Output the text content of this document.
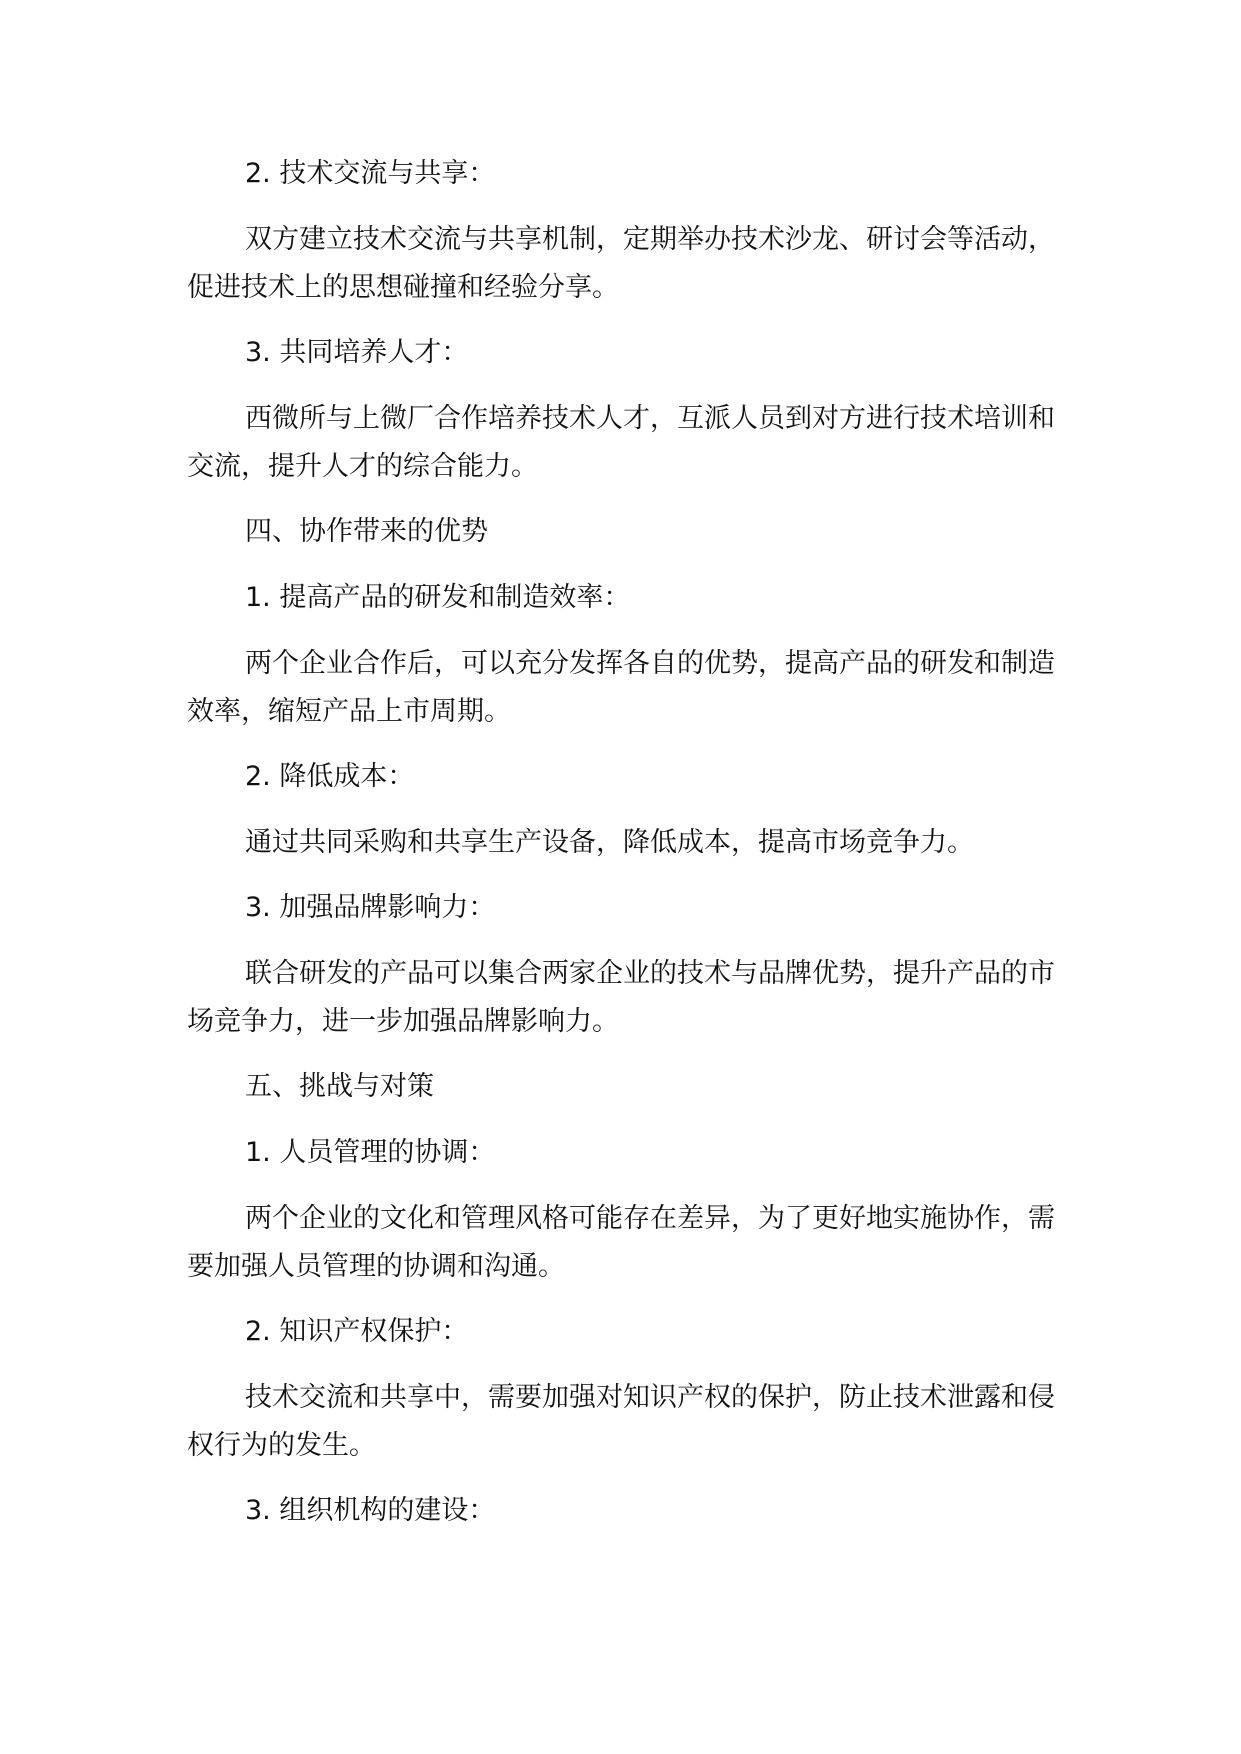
2. 技术交流与共享：

双方建立技术交流与共享机制，定期举办技术沙龙、研讨会等活动，促进技术上的思想碰撞和经验分享。

3. 共同培养人才：

西微所与上微厂合作培养技术人才，互派人员到对方进行技术培训和交流，提升人才的综合能力。

四、协作带来的优势

1. 提高产品的研发和制造效率：

两个企业合作后，可以充分发挥各自的优势，提高产品的研发和制造效率，缩短产品上市周期。

2. 降低成本：

通过共同采购和共享生产设备，降低成本，提高市场竞争力。

3. 加强品牌影响力：

联合研发的产品可以集合两家企业的技术与品牌优势，提升产品的市场竞争力，进一步加强品牌影响力。

五、挑战与对策

1. 人员管理的协调：

两个企业的文化和管理风格可能存在差异，为了更好地实施协作，需要加强人员管理的协调和沟通。

2. 知识产权保护：

技术交流和共享中，需要加强对知识产权的保护，防止技术泄露和侵权行为的发生。

3. 组织机构的建设：
